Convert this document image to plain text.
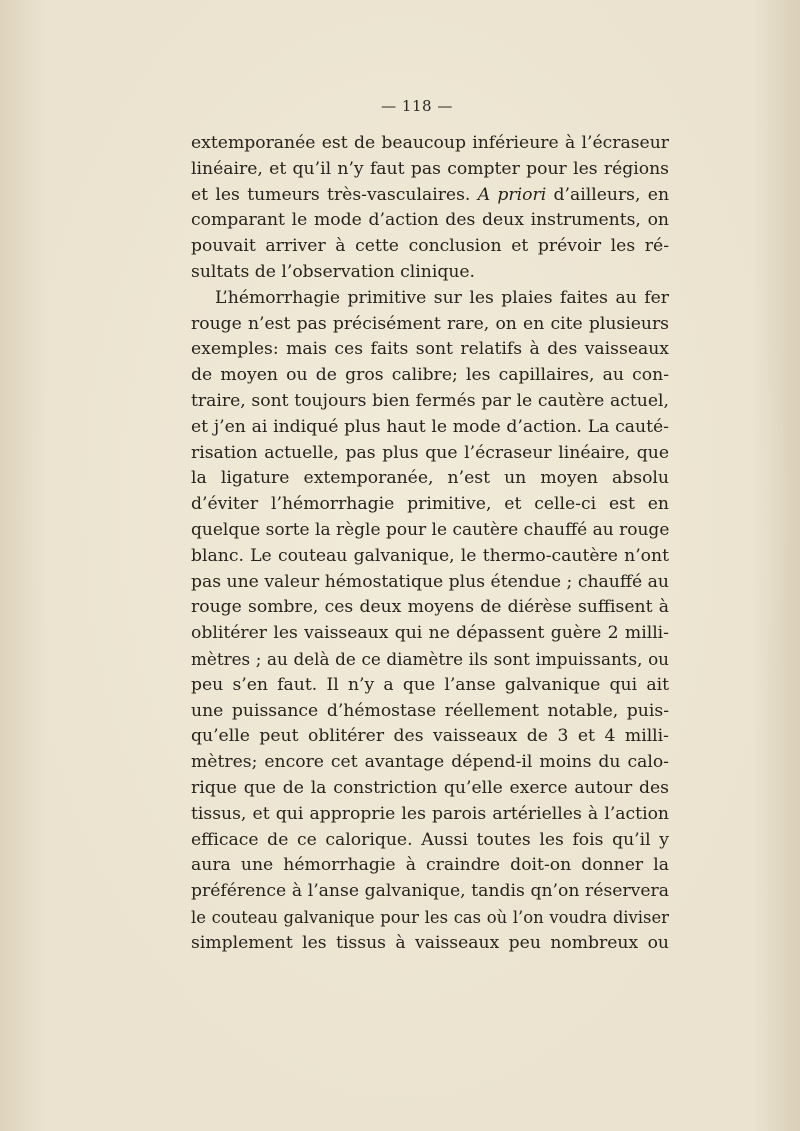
— 118 —
extemporanée est de beaucoup inférieure à l’écraseur
linéaire, et qu’il n’y faut pas compter pour les régions
et les tumeurs très-vasculaires. A priori d’ailleurs, en
comparant le mode d’action des deux instruments, on
pouvait arriver à cette conclusion et prévoir les ré-
sultats de l’observation clinique.
L’hémorrhagie primitive sur les plaies faites au fer
rouge n’est pas précisément rare, on en cite plusieurs
exemples: mais ces faits sont relatifs à des vaisseaux
de moyen ou de gros calibre; les capillaires, au con-
traire, sont toujours bien fermés par le cautère actuel,
et j’en ai indiqué plus haut le mode d’action. La cauté-
risation actuelle, pas plus que l’écraseur linéaire, que
la ligature extemporanée, n’est un moyen absolu
d’éviter l’hémorrhagie primitive, et celle-ci est en
quelque sorte la règle pour le cautère chauffé au rouge
blanc. Le couteau galvanique, le thermo-cautère n’ont
pas une valeur hémostatique plus étendue ; chauffé au
rouge sombre, ces deux moyens de diérèse suffisent à
oblitérer les vaisseaux qui ne dépassent guère 2 milli-
mètres ; au delà de ce diamètre ils sont impuissants, ou
peu s’en faut. Il n’y a que l’anse galvanique qui ait
une puissance d’hémostase réellement notable, puis-
qu’elle peut oblitérer des vaisseaux de 3 et 4 milli-
mètres; encore cet avantage dépend-il moins du calo-
rique que de la constriction qu’elle exerce autour des
tissus, et qui approprie les parois artérielles à l’action
efficace de ce calorique. Aussi toutes les fois qu’il y
aura une hémorrhagie à craindre doit-on donner la
préférence à l’anse galvanique, tandis qn’on réservera
le couteau galvanique pour les cas où l’on voudra diviser
simplement les tissus à vaisseaux peu nombreux ou
